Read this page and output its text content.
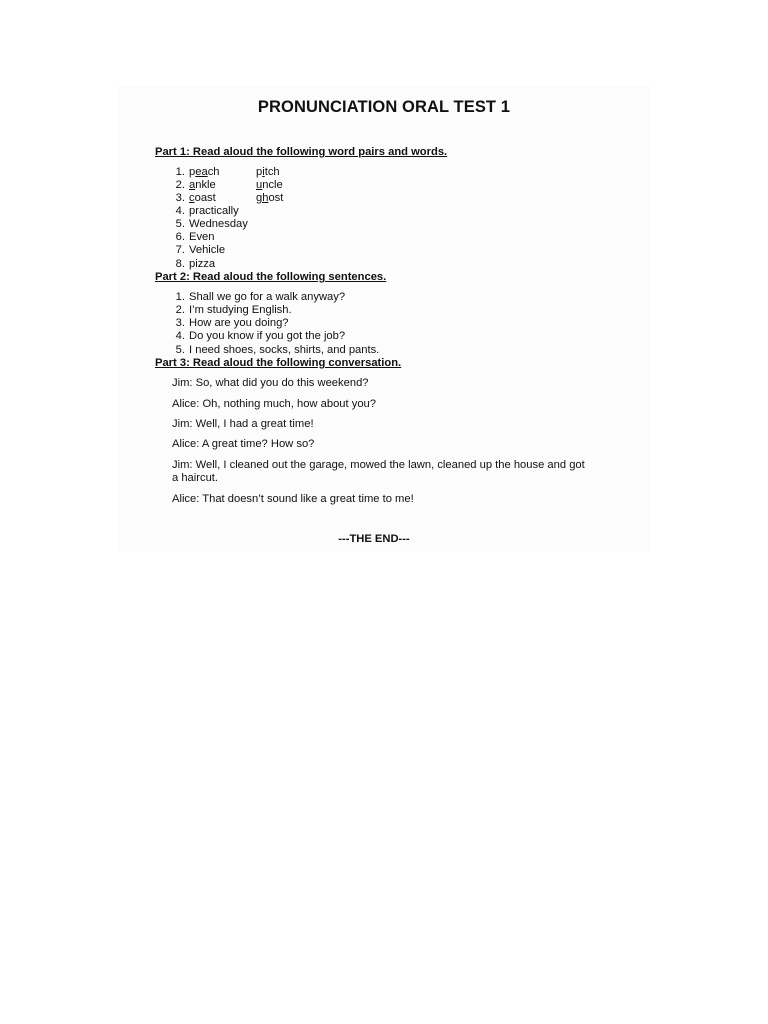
PRONUNCIATION ORAL TEST 1
Part 1: Read aloud the following word pairs and words.
1. peach	pitch
2. ankle	uncle
3. coast	ghost
4. practically
5. Wednesday
6. Even
7. Vehicle
8. pizza
Part 2: Read aloud the following sentences.
1. Shall we go for a walk anyway?
2. I’m studying English.
3. How are you doing?
4. Do you know if you got the job?
5. I need shoes, socks, shirts, and pants.
Part 3: Read aloud the following conversation.
Jim: So, what did you do this weekend?
Alice: Oh, nothing much, how about you?
Jim: Well, I had a great time!
Alice: A great time? How so?
Jim: Well, I cleaned out the garage, mowed the lawn, cleaned up the house and got a haircut.
Alice: That doesn’t sound like a great time to me!
---THE END---
